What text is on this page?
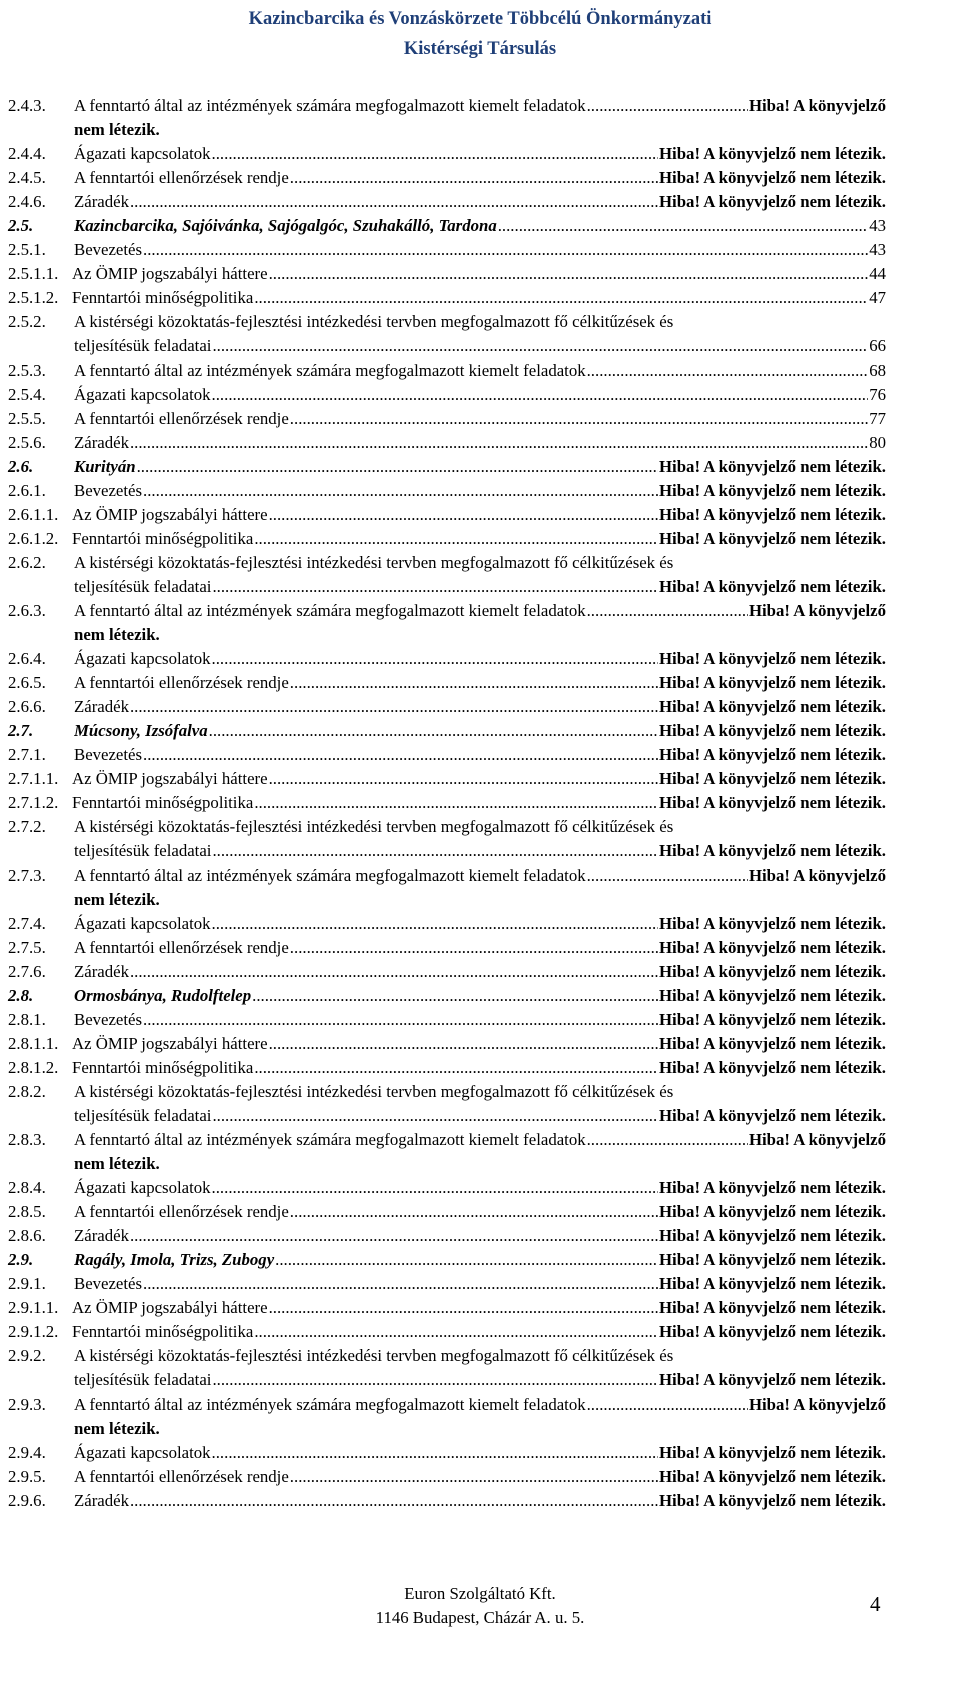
Kazincbarcika és Vonzáskörzete Többcélú Önkormányzati
Kistérségi Társulás
2.4.3. A fenntartó által az intézmények számára megfogalmazott kiemelt feladatok .....	Hiba! A könyvjelző
nem létezik.
2.4.4. Ágazati kapcsolatok .....	Hiba! A könyvjelző nem létezik.
2.4.5. A fenntartói ellenőrzések rendje .....	Hiba! A könyvjelző nem létezik.
2.4.6. Záradék .....	Hiba! A könyvjelző nem létezik.
2.5. Kazincbarcika, Sajóivánka, Sajógalgóc, Szuhakálló, Tardona .....	43
2.5.1. Bevezetés .....	43
2.5.1.1. Az ÖMIP jogszabályi háttere .....	44
2.5.1.2. Fenntartói minőségpolitika .....	47
2.5.2. A kistérségi közoktatás-fejlesztési intézkedési tervben megfogalmazott fő célkitűzések és
teljesítésük feladatai .....	66
2.5.3. A fenntartó által az intézmények számára megfogalmazott kiemelt feladatok .....	68
2.5.4. Ágazati kapcsolatok .....	76
2.5.5. A fenntartói ellenőrzések rendje .....	77
2.5.6. Záradék .....	80
2.6. Kurityán .....	Hiba! A könyvjelző nem létezik.
2.6.1. Bevezetés .....	Hiba! A könyvjelző nem létezik.
2.6.1.1. Az ÖMIP jogszabályi háttere .....	Hiba! A könyvjelző nem létezik.
2.6.1.2. Fenntartói minőségpolitika .....	Hiba! A könyvjelző nem létezik.
2.6.2. A kistérségi közoktatás-fejlesztési intézkedési tervben megfogalmazott fő célkitűzések és
teljesítésük feladatai .....	Hiba! A könyvjelző nem létezik.
2.6.3. A fenntartó által az intézmények számára megfogalmazott kiemelt feladatok .....	Hiba! A könyvjelző
nem létezik.
2.6.4. Ágazati kapcsolatok .....	Hiba! A könyvjelző nem létezik.
2.6.5. A fenntartói ellenőrzések rendje .....	Hiba! A könyvjelző nem létezik.
2.6.6. Záradék .....	Hiba! A könyvjelző nem létezik.
2.7. Múcsony, Izsófalva .....	Hiba! A könyvjelző nem létezik.
2.7.1. Bevezetés .....	Hiba! A könyvjelző nem létezik.
2.7.1.1. Az ÖMIP jogszabályi háttere .....	Hiba! A könyvjelző nem létezik.
2.7.1.2. Fenntartói minőségpolitika .....	Hiba! A könyvjelző nem létezik.
2.7.2. A kistérségi közoktatás-fejlesztési intézkedési tervben megfogalmazott fő célkitűzések és
teljesítésük feladatai .....	Hiba! A könyvjelző nem létezik.
2.7.3. A fenntartó által az intézmények számára megfogalmazott kiemelt feladatok .....	Hiba! A könyvjelző
nem létezik.
2.7.4. Ágazati kapcsolatok .....	Hiba! A könyvjelző nem létezik.
2.7.5. A fenntartói ellenőrzések rendje .....	Hiba! A könyvjelző nem létezik.
2.7.6. Záradék .....	Hiba! A könyvjelző nem létezik.
2.8. Ormosbánya, Rudolftelep .....	Hiba! A könyvjelző nem létezik.
2.8.1. Bevezetés .....	Hiba! A könyvjelző nem létezik.
2.8.1.1. Az ÖMIP jogszabályi háttere .....	Hiba! A könyvjelző nem létezik.
2.8.1.2. Fenntartói minőségpolitika .....	Hiba! A könyvjelző nem létezik.
2.8.2. A kistérségi közoktatás-fejlesztési intézkedési tervben megfogalmazott fő célkitűzések és
teljesítésük feladatai .....	Hiba! A könyvjelző nem létezik.
2.8.3. A fenntartó által az intézmények számára megfogalmazott kiemelt feladatok .....	Hiba! A könyvjelző
nem létezik.
2.8.4. Ágazati kapcsolatok .....	Hiba! A könyvjelző nem létezik.
2.8.5. A fenntartói ellenőrzések rendje .....	Hiba! A könyvjelző nem létezik.
2.8.6. Záradék .....	Hiba! A könyvjelző nem létezik.
2.9. Ragály, Imola, Trizs, Zubogy .....	Hiba! A könyvjelző nem létezik.
2.9.1. Bevezetés .....	Hiba! A könyvjelző nem létezik.
2.9.1.1. Az ÖMIP jogszabályi háttere .....	Hiba! A könyvjelző nem létezik.
2.9.1.2. Fenntartói minőségpolitika .....	Hiba! A könyvjelző nem létezik.
2.9.2. A kistérségi közoktatás-fejlesztési intézkedési tervben megfogalmazott fő célkitűzések és
teljesítésük feladatai .....	Hiba! A könyvjelző nem létezik.
2.9.3. A fenntartó által az intézmények számára megfogalmazott kiemelt feladatok .....	Hiba! A könyvjelző
nem létezik.
2.9.4. Ágazati kapcsolatok .....	Hiba! A könyvjelző nem létezik.
2.9.5. A fenntartói ellenőrzések rendje .....	Hiba! A könyvjelző nem létezik.
2.9.6. Záradék .....	Hiba! A könyvjelző nem létezik.
Euron Szolgáltató Kft.
1146 Budapest, Cházár A. u. 5.
4
